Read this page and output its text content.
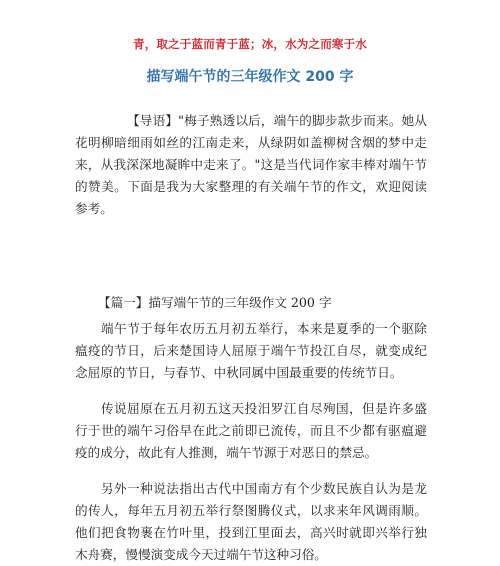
青，取之于蓝而青于蓝；冰，水为之而寒于水
描写端午节的三年级作文 200 字

【导语】"梅子熟透以后，端午的脚步款步而来。她从花明柳暗细雨如丝的江南走来，从绿阴如盖柳树含烟的梦中走来，从我深深地凝眸中走来了。"这是当代词作家丰棒对端午节的赞美。下面是我为大家整理的有关端午节的作文，欢迎阅读参考。

【篇一】描写端午节的三年级作文 200 字

端午节于每年农历五月初五举行，本来是夏季的一个驱除瘟疫的节日，后来楚国诗人屈原于端午节投江自尽，就变成纪念屈原的节日，与春节、中秋同属中国最重要的传统节日。

传说屈原在五月初五这天投汨罗江自尽殉国，但是许多盛行于世的端午习俗早在此之前即已流传，而且不少都有驱瘟避疫的成分，故此有人推测，端午节源于对恶日的禁忌。

另外一种说法指出古代中国南方有个少数民族自认为是龙的传人，每年五月初五举行祭图腾仪式，以求来年风调雨顺。他们把食物裹在竹叶里，投到江里面去，高兴时就即兴举行独木舟赛，慢慢演变成今天过端午节这种习俗。
